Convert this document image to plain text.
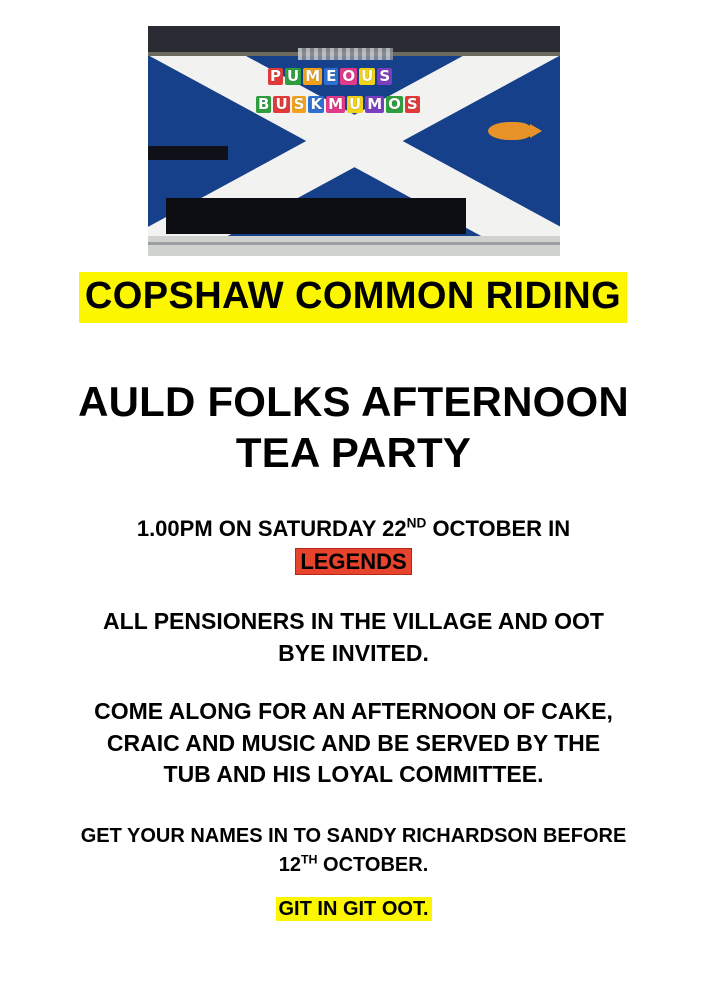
P U M E O U S
B U S K M U M O S
COPSHAW COMMON RIDING
AULD FOLKS AFTERNOON
TEA PARTY
1.00PM ON SATURDAY 22ND OCTOBER IN
LEGENDS
ALL PENSIONERS IN THE VILLAGE AND OOT
BYE INVITED.
COME ALONG FOR AN AFTERNOON OF CAKE,
CRAIC AND MUSIC AND BE SERVED BY THE
TUB AND HIS LOYAL COMMITTEE.
GET YOUR NAMES IN TO SANDY RICHARDSON BEFORE
12TH OCTOBER.
GIT IN GIT OOT.
